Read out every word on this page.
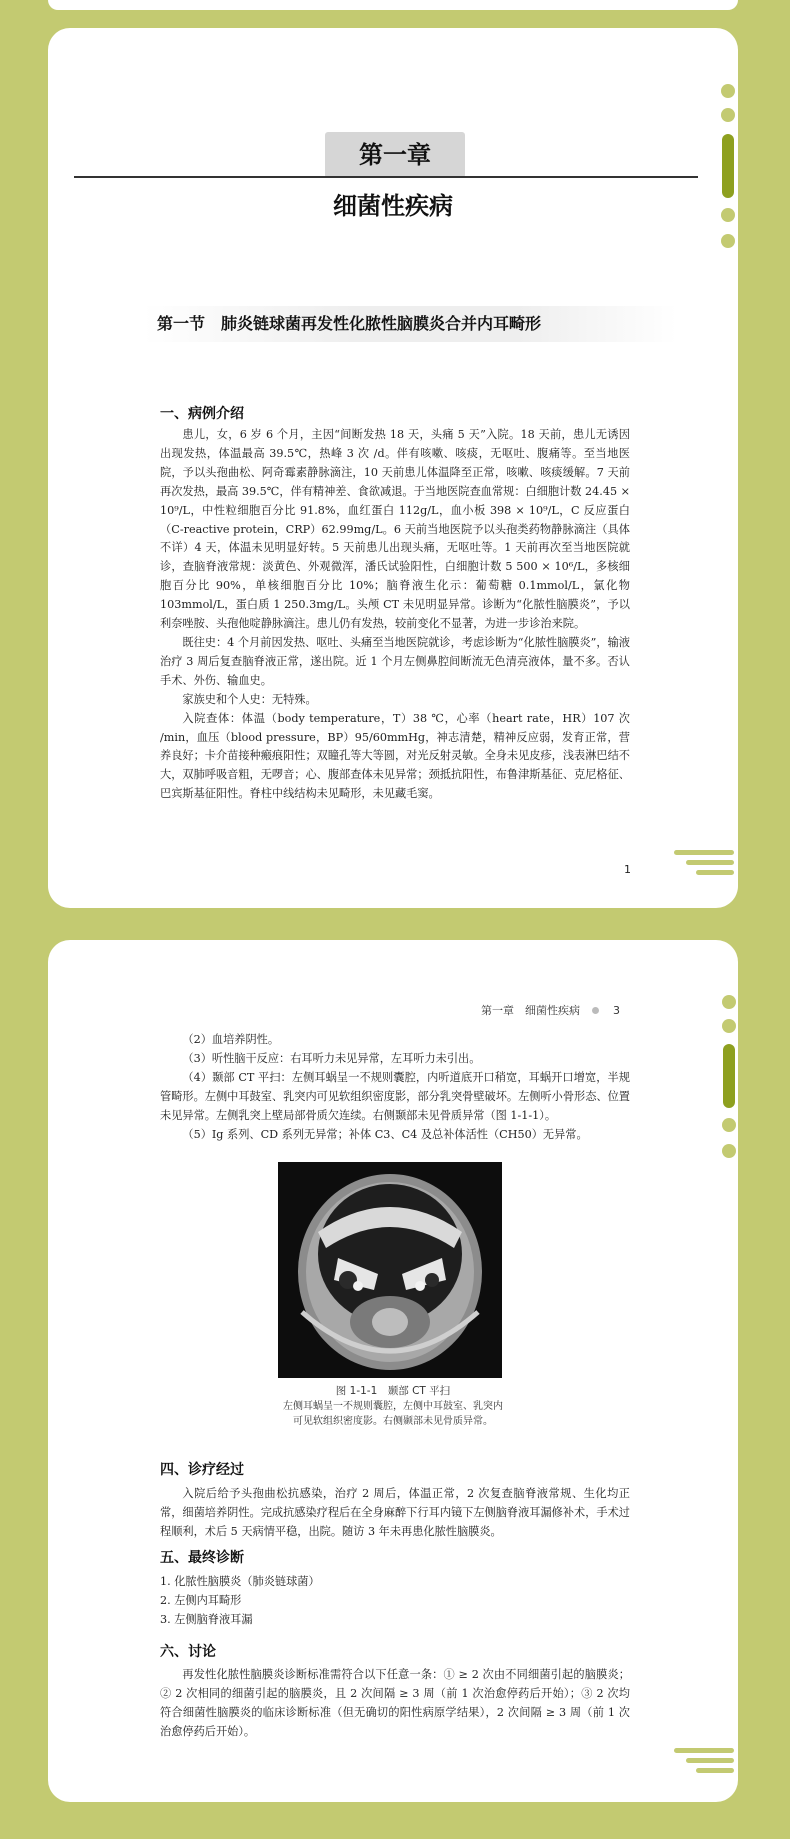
第一章
细菌性疾病
第一节　肺炎链球菌再发性化脓性脑膜炎合并内耳畸形
一、病例介绍

患儿，女，6 岁 6 个月，主因“间断发热 18 天，头痛 5 天”入院。18 天前，患儿无诱因出现发热，体温最高 39.5℃，热峰 3 次 /d。伴有咳嗽、咳痰，无呕吐、腹痛等。至当地医院，予以头孢曲松、阿奇霉素静脉滴注，10 天前患儿体温降至正常，咳嗽、咳痰缓解。7 天前再次发热，最高 39.5℃，伴有精神差、食欲减退。于当地医院查血常规：白细胞计数 24.45 × 10⁹/L，中性粒细胞百分比 91.8%，血红蛋白 112g/L，血小板 398 × 10⁹/L，C 反应蛋白（C-reactive protein，CRP）62.99mg/L。6 天前当地医院予以头孢类药物静脉滴注（具体不详）4 天，体温未见明显好转。5 天前患儿出现头痛，无呕吐等。1 天前再次至当地医院就诊，查脑脊液常规：淡黄色、外观微浑，潘氏试验阳性，白细胞计数 5 500 × 10⁶/L，多核细胞百分比 90%，单核细胞百分比 10%；脑脊液生化示：葡萄糖 0.1mmol/L，氯化物 103mmol/L，蛋白质 1 250.3mg/L。头颅 CT 未见明显异常。诊断为“化脓性脑膜炎”，予以利奈唑胺、头孢他啶静脉滴注。患儿仍有发热，较前变化不显著，为进一步诊治来院。

既往史：4 个月前因发热、呕吐、头痛至当地医院就诊，考虑诊断为“化脓性脑膜炎”，输液治疗 3 周后复查脑脊液正常，遂出院。近 1 个月左侧鼻腔间断流无色清亮液体，量不多。否认手术、外伤、输血史。

家族史和个人史：无特殊。

入院查体：体温（body temperature，T）38 ℃，心率（heart rate，HR）107 次 /min，血压（blood pressure，BP）95/60mmHg，神志清楚，精神反应弱，发育正常，营养良好；卡介苗接种瘢痕阳性；双瞳孔等大等圆，对光反射灵敏。全身未见皮疹，浅表淋巴结不大，双肺呼吸音粗，无啰音；心、腹部查体未见异常；颈抵抗阳性，布鲁津斯基征、克尼格征、巴宾斯基征阳性。脊柱中线结构未见畸形，未见藏毛窦。

1
第一章　细菌性疾病	3
（2）血培养阴性。
（3）听性脑干反应：右耳听力未见异常，左耳听力未引出。
（4）颞部 CT 平扫：左侧耳蜗呈一不规则囊腔，内听道底开口稍宽，耳蜗开口增宽，半规管畸形。左侧中耳鼓室、乳突内可见软组织密度影，部分乳突骨壁破坏。左侧听小骨形态、位置未见异常。左侧乳突上壁局部骨质欠连续。右侧颞部未见骨质异常（图 1-1-1）。
（5）Ig 系列、CD 系列无异常；补体 C3、C4 及总补体活性（CH50）无异常。
图 1-1-1　颞部 CT 平扫
左侧耳蜗呈一不规则囊腔，左侧中耳鼓室、乳突内
可见软组织密度影。右侧颞部未见骨质异常。
四、诊疗经过

入院后给予头孢曲松抗感染，治疗 2 周后，体温正常，2 次复查脑脊液常规、生化均正常，细菌培养阴性。完成抗感染疗程后在全身麻醉下行耳内镜下左侧脑脊液耳漏修补术，手术过程顺利，术后 5 天病情平稳，出院。随访 3 年未再患化脓性脑膜炎。

五、最终诊断
1. 化脓性脑膜炎（肺炎链球菌）
2. 左侧内耳畸形
3. 左侧脑脊液耳漏
六、讨论

再发性化脓性脑膜炎诊断标准需符合以下任意一条：① ≥ 2 次由不同细菌引起的脑膜炎；② 2 次相同的细菌引起的脑膜炎，且 2 次间隔 ≥ 3 周（前 1 次治愈停药后开始）；③ 2 次均符合细菌性脑膜炎的临床诊断标准（但无确切的阳性病原学结果），2 次间隔 ≥ 3 周（前 1 次治愈停药后开始）。
